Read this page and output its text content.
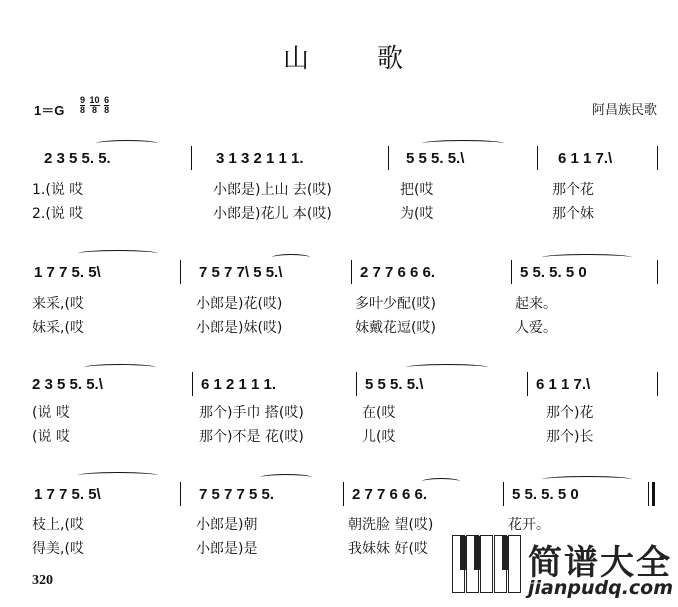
山歌
$1=G \frac{9}{8} \frac{10}{8} \frac{6}{8}$	阿昌族民歌
2 3 5 5. 5.	3 1 3 2 1 1 1.	5 5 5. 5.\	6 1 1 7.\
1.(说 哎	小郎是)上山 去(哎)	把(哎	那个花
2.(说 哎	小郎是)花儿 本(哎)	为(哎	那个妹
1 7 7 5. 5\	7 5 7 7\ 5 5.\	2 7 7 6 6 6.	5 5. 5. 5 0
来采,(哎	小郎是)花(哎)	多叶少配(哎)	起来。
妹采,(哎	小郎是)妹(哎)	妹戴花逗(哎)	人爱。
2 3 5 5. 5.\	6 1 2 1 1 1.	5 5 5. 5.\	6 1 1 7.\
(说 哎	那个)手巾 搭(哎)	在(哎	那个)花
(说 哎	那个)不是 花(哎)	儿(哎	那个)长
1 7 7 5. 5\	7 5 7 7 5 5.	2 7 7 6 6 6.	5 5. 5. 5 0
枝上,(哎	小郎是)朝	朝洗脸 望(哎)	花开。
得美,(哎	小郎是)是	我妹妹 好(哎
320	简谱大全
jianpudq.com
